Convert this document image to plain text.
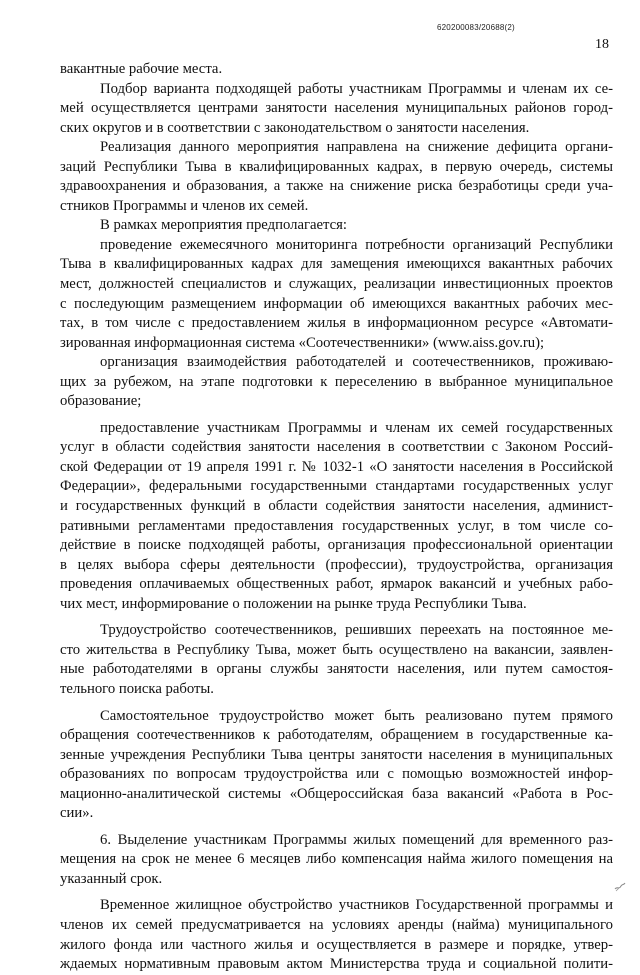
620200083/20688(2)
18
вакантные рабочие места.
Подбор варианта подходящей работы участникам Программы и членам их се-
мей осуществляется центрами занятости населения муниципальных районов город-
ских округов и в соответствии с законодательством о занятости населения.
Реализация данного мероприятия направлена на снижение дефицита органи-
заций Республики Тыва в квалифицированных кадрах, в первую очередь, системы
здравоохранения и образования, а также на снижение риска безработицы среди уча-
стников Программы и членов их семей.
В рамках мероприятия предполагается:
проведение ежемесячного мониторинга потребности организаций Республики
Тыва в квалифицированных кадрах для замещения имеющихся вакантных рабочих
мест, должностей специалистов и служащих, реализации инвестиционных проектов
с последующим размещением информации об имеющихся вакантных рабочих мес-
тах, в том числе с предоставлением жилья в информационном ресурсе «Автомати-
зированная информационная система «Соотечественники» (www.aiss.gov.ru);
организация взаимодействия работодателей и соотечественников, проживаю-
щих за рубежом, на этапе подготовки к переселению в выбранное муниципальное
образование;
предоставление участникам Программы и членам их семей государственных
услуг в области содействия занятости населения в соответствии с Законом Россий-
ской Федерации от 19 апреля 1991 г. № 1032-1 «О занятости населения в Российской
Федерации», федеральными государственными стандартами государственных услуг
и государственных функций в области содействия занятости населения, админист-
ративными регламентами предоставления государственных услуг, в том числе со-
действие в поиске подходящей работы, организация профессиональной ориентации
в целях выбора сферы деятельности (профессии), трудоустройства, организация
проведения оплачиваемых общественных работ, ярмарок вакансий и учебных рабо-
чих мест, информирование о положении на рынке труда Республики Тыва.
Трудоустройство соотечественников, решивших переехать на постоянное ме-
сто жительства в Республику Тыва, может быть осуществлено на вакансии, заявлен-
ные работодателями в органы службы занятости населения, или путем самостоя-
тельного поиска работы.
Самостоятельное трудоустройство может быть реализовано путем прямого
обращения соотечественников к работодателям, обращением в государственные ка-
зенные учреждения Республики Тыва центры занятости населения в муниципальных
образованиях по вопросам трудоустройства или с помощью возможностей инфор-
мационно-аналитической системы «Общероссийская база вакансий «Работа в Рос-
сии».
6. Выделение участникам Программы жилых помещений для временного раз-
мещения на срок не менее 6 месяцев либо компенсация найма жилого помещения на
указанный срок.
Временное жилищное обустройство участников Государственной программы и
членов их семей предусматривается на условиях аренды (найма) муниципального
жилого фонда или частного жилья и осуществляется в размере и порядке, утвер-
ждаемых нормативным правовым актом Министерства труда и социальной полити-
